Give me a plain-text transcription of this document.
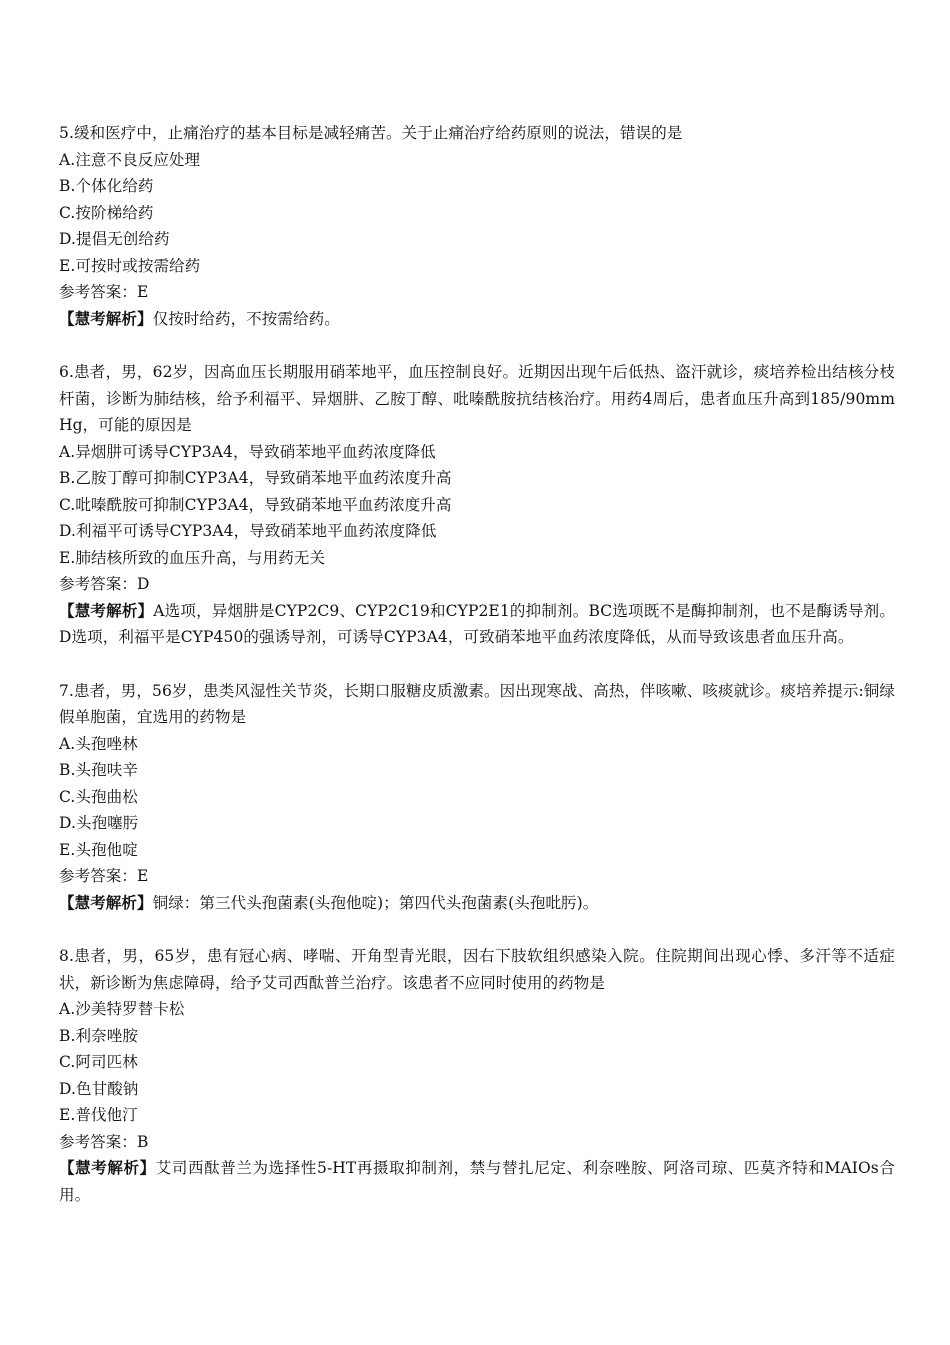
5.缓和医疗中，止痛治疗的基本目标是减轻痛苦。关于止痛治疗给药原则的说法，错误的是
A.注意不良反应处理
B.个体化给药
C.按阶梯给药
D.提倡无创给药
E.可按时或按需给药
参考答案：E
【慧考解析】仅按时给药，不按需给药。
6.患者，男，62岁，因高血压长期服用硝苯地平，血压控制良好。近期因出现午后低热、盗汗就诊，痰培养检出结核分枝杆菌，诊断为肺结核，给予利福平、异烟肼、乙胺丁醇、吡嗪酰胺抗结核治疗。用药4周后，患者血压升高到185/90mmHg，可能的原因是
A.异烟肼可诱导CYP3A4，导致硝苯地平血药浓度降低
B.乙胺丁醇可抑制CYP3A4，导致硝苯地平血药浓度升高
C.吡嗪酰胺可抑制CYP3A4，导致硝苯地平血药浓度升高
D.利福平可诱导CYP3A4，导致硝苯地平血药浓度降低
E.肺结核所致的血压升高，与用药无关
参考答案：D
【慧考解析】A选项，异烟肼是CYP2C9、CYP2C19和CYP2E1的抑制剂。BC选项既不是酶抑制剂，也不是酶诱导剂。D选项，利福平是CYP450的强诱导剂，可诱导CYP3A4，可致硝苯地平血药浓度降低，从而导致该患者血压升高。
7.患者，男，56岁，患类风湿性关节炎，长期口服糖皮质激素。因出现寒战、高热，伴咳嗽、咳痰就诊。痰培养提示:铜绿假单胞菌，宜选用的药物是
A.头孢唑林
B.头孢呋辛
C.头孢曲松
D.头孢噻肟
E.头孢他啶
参考答案：E
【慧考解析】铜绿：第三代头孢菌素(头孢他啶)；第四代头孢菌素(头孢吡肟)。
8.患者，男，65岁，患有冠心病、哮喘、开角型青光眼，因右下肢软组织感染入院。住院期间出现心悸、多汗等不适症状，新诊断为焦虑障碍，给予艾司西酞普兰治疗。该患者不应同时使用的药物是
A.沙美特罗替卡松
B.利奈唑胺
C.阿司匹林
D.色甘酸钠
E.普伐他汀
参考答案：B
【慧考解析】艾司西酞普兰为选择性5-HT再摄取抑制剂，禁与替扎尼定、利奈唑胺、阿洛司琼、匹莫齐特和MAIOs合用。
